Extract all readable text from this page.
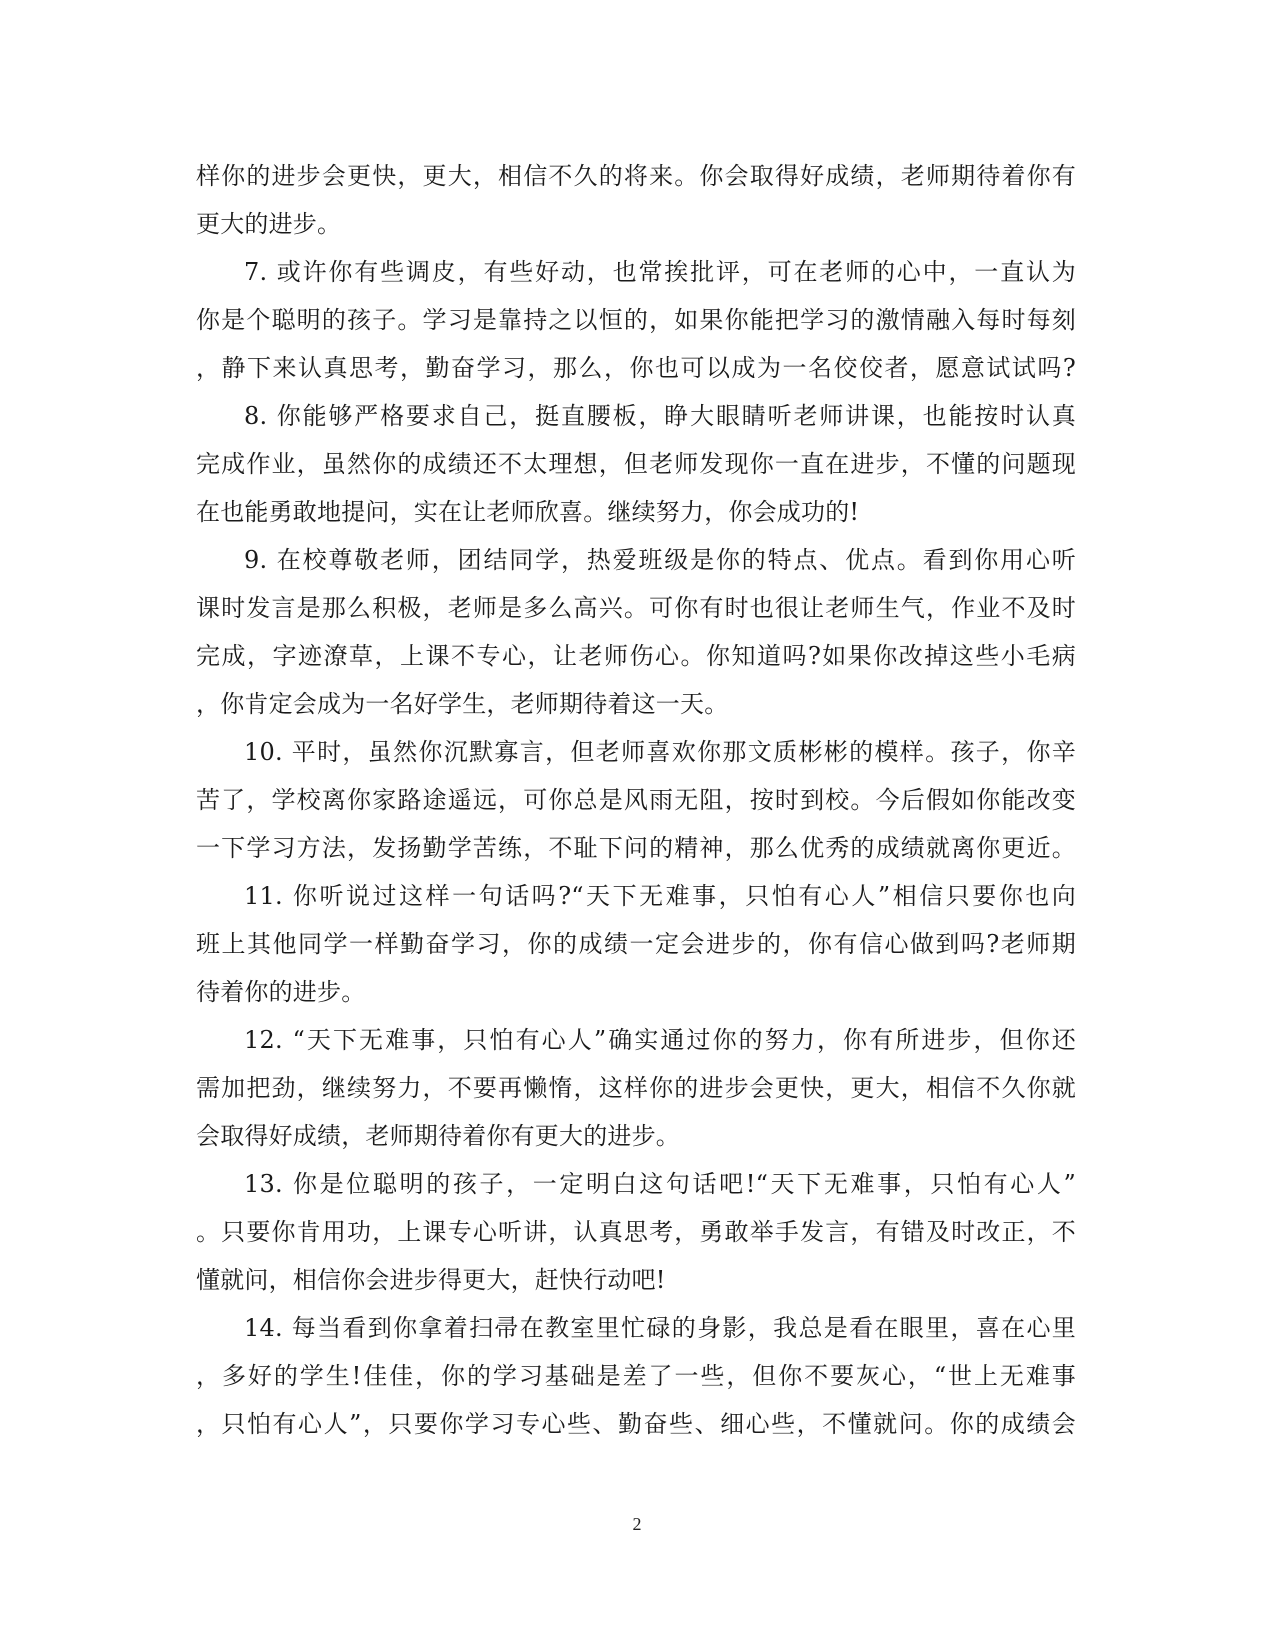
样你的进步会更快，更大，相信不久的将来。你会取得好成绩，老师期待着你有
更大的进步。
7. 或许你有些调皮，有些好动，也常挨批评，可在老师的心中，一直认为
你是个聪明的孩子。学习是靠持之以恒的，如果你能把学习的激情融入每时每刻
，静下来认真思考，勤奋学习，那么，你也可以成为一名佼佼者，愿意试试吗?
8. 你能够严格要求自己，挺直腰板，睁大眼睛听老师讲课，也能按时认真
完成作业，虽然你的成绩还不太理想，但老师发现你一直在进步，不懂的问题现
在也能勇敢地提问，实在让老师欣喜。继续努力，你会成功的!
9. 在校尊敬老师，团结同学，热爱班级是你的特点、优点。看到你用心听
课时发言是那么积极，老师是多么高兴。可你有时也很让老师生气，作业不及时
完成，字迹潦草，上课不专心，让老师伤心。你知道吗?如果你改掉这些小毛病
，你肯定会成为一名好学生，老师期待着这一天。
10. 平时，虽然你沉默寡言，但老师喜欢你那文质彬彬的模样。孩子，你辛
苦了，学校离你家路途遥远，可你总是风雨无阻，按时到校。今后假如你能改变
一下学习方法，发扬勤学苦练，不耻下问的精神，那么优秀的成绩就离你更近。
11. 你听说过这样一句话吗?“天下无难事，只怕有心人”相信只要你也向
班上其他同学一样勤奋学习，你的成绩一定会进步的，你有信心做到吗?老师期
待着你的进步。
12. “天下无难事，只怕有心人”确实通过你的努力，你有所进步，但你还
需加把劲，继续努力，不要再懒惰，这样你的进步会更快，更大，相信不久你就
会取得好成绩，老师期待着你有更大的进步。
13. 你是位聪明的孩子，一定明白这句话吧!“天下无难事，只怕有心人”
。只要你肯用功，上课专心听讲，认真思考，勇敢举手发言，有错及时改正，不
懂就问，相信你会进步得更大，赶快行动吧!
14. 每当看到你拿着扫帚在教室里忙碌的身影，我总是看在眼里，喜在心里
，多好的学生!佳佳，你的学习基础是差了一些，但你不要灰心，“世上无难事
，只怕有心人”，只要你学习专心些、勤奋些、细心些，不懂就问。你的成绩会
2
